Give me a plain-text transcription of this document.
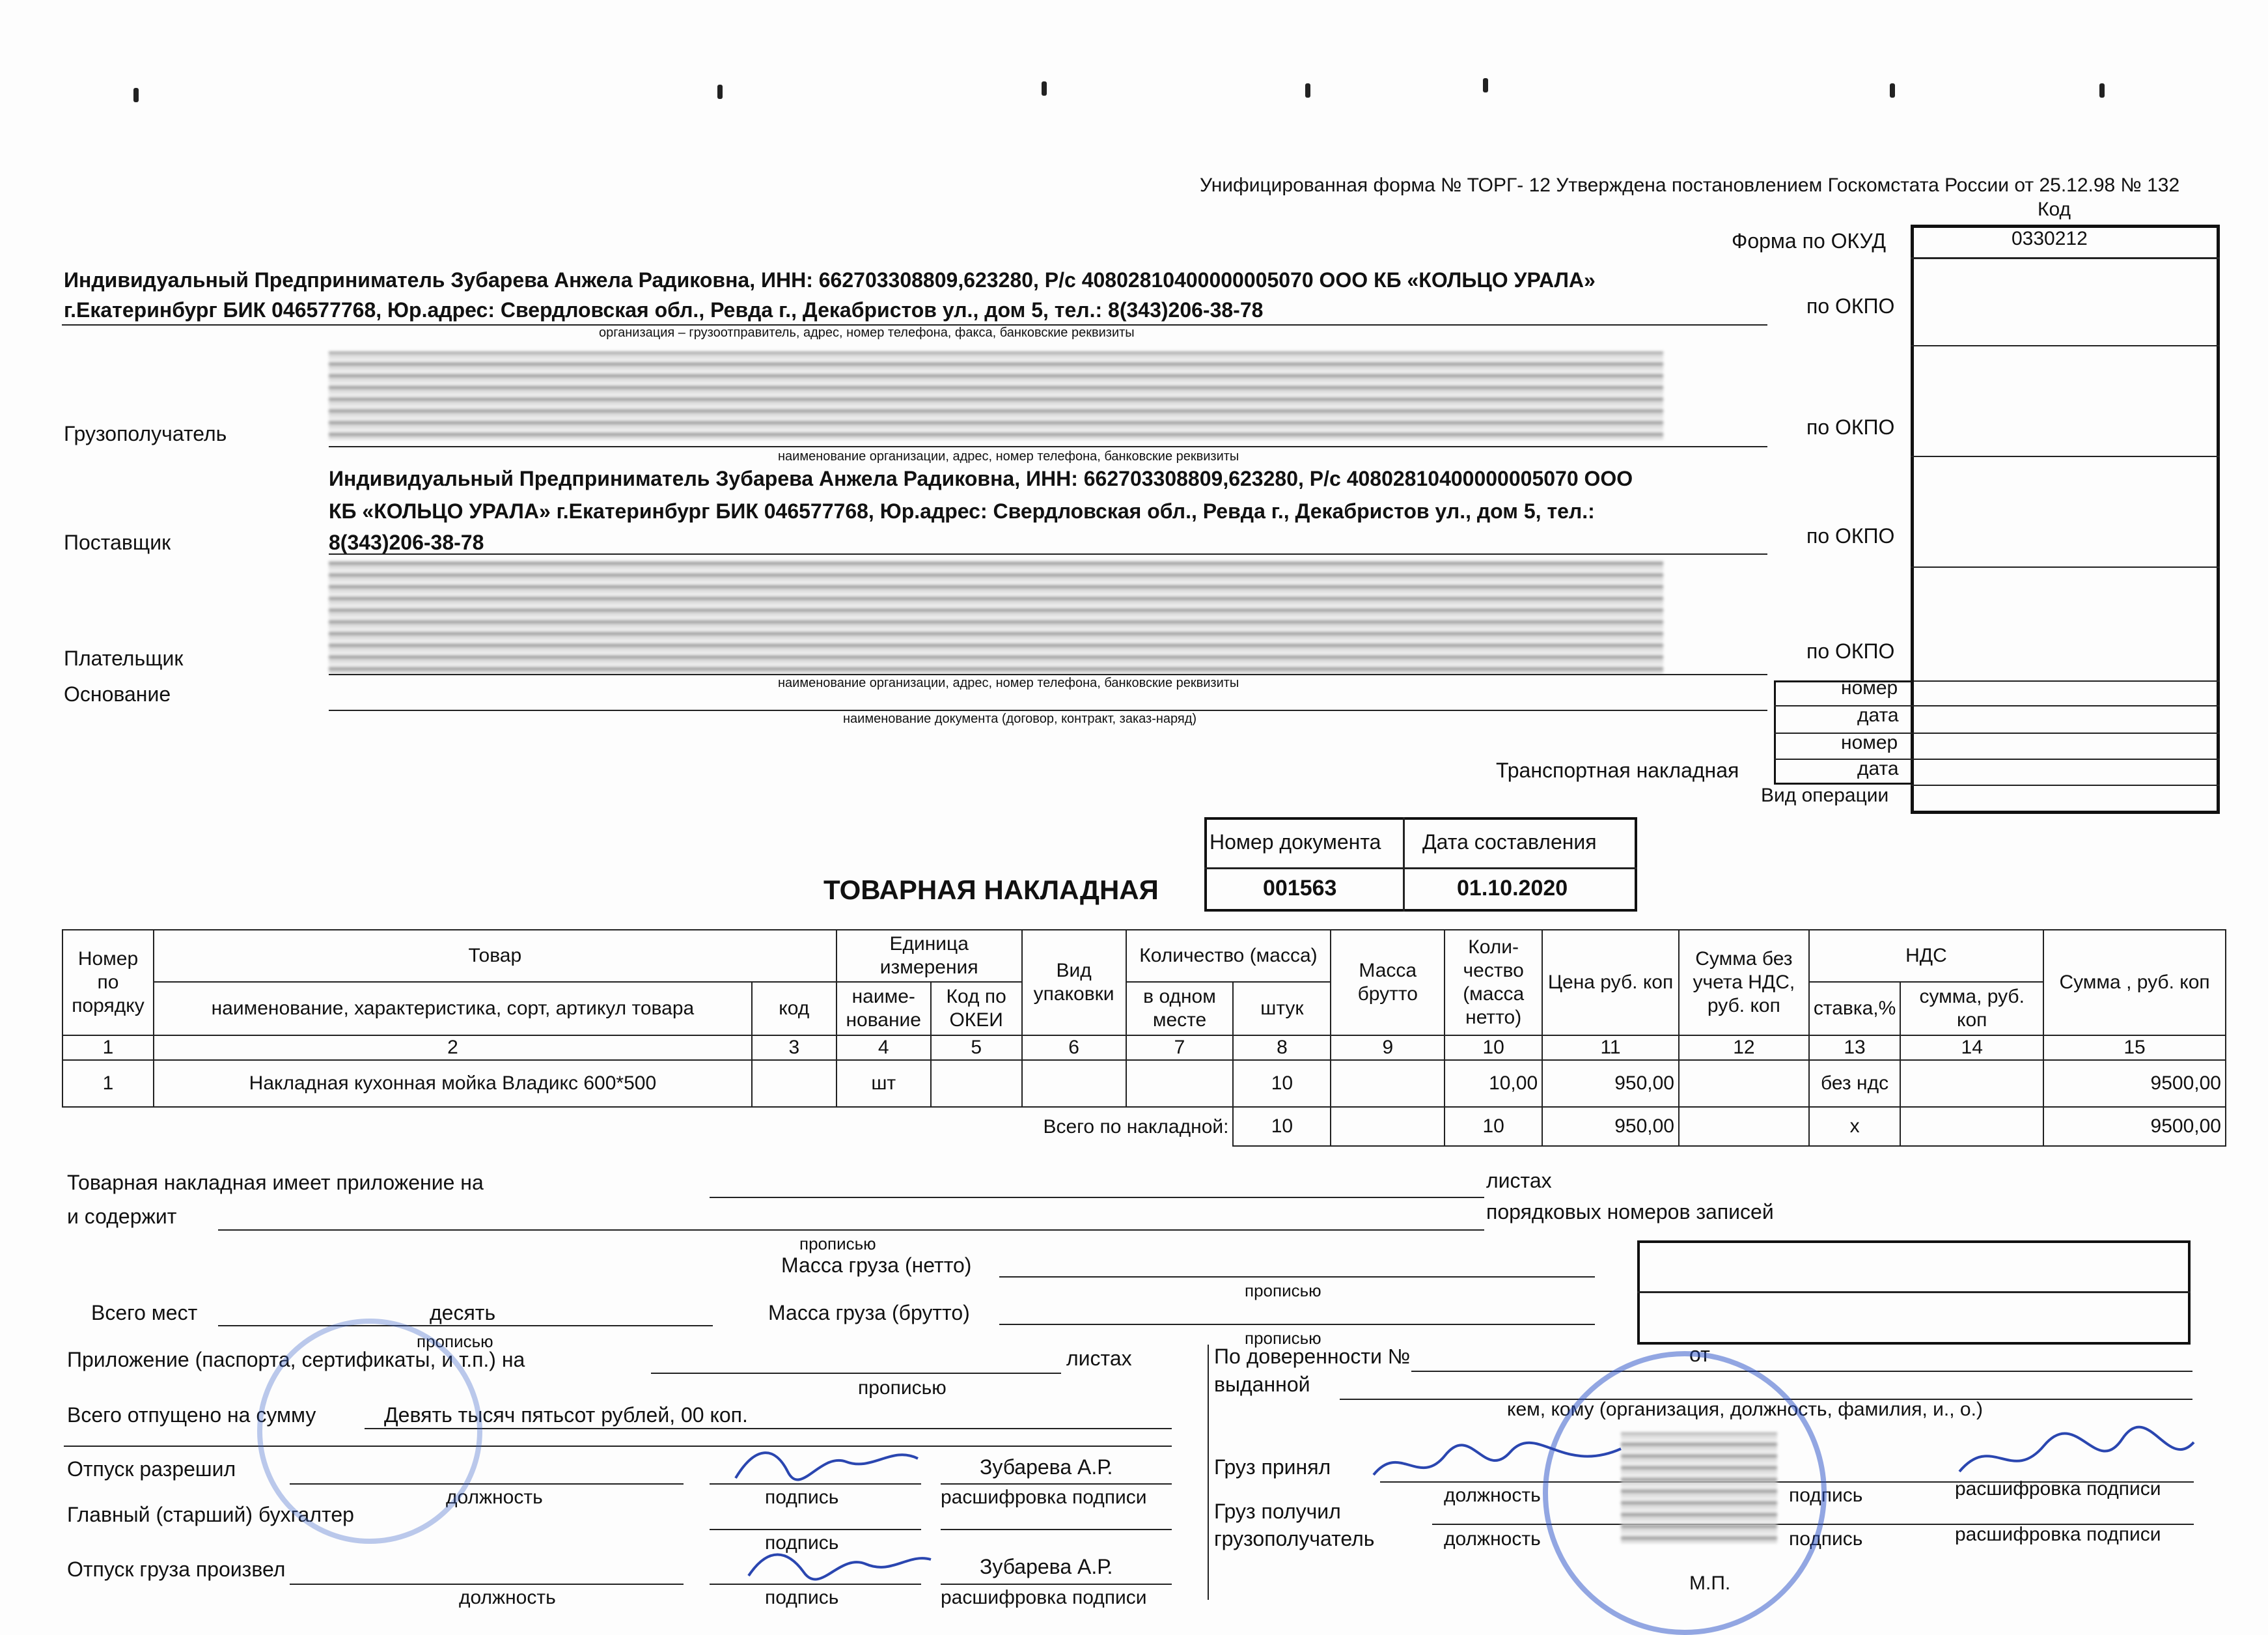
Унифицированная форма № ТОРГ- 12 Утверждена постановлением Госкомстата России от 25.12.98 № 132
Код
0330212
Форма по ОКУД
Индивидуальный Предприниматель Зубарева Анжела Радиковна, ИНН: 662703308809,623280, Р/с 40802810400000005070 ООО КБ «КОЛЬЦО УРАЛА»
г.Екатеринбург БИК 046577768, Юр.адрес: Свердловская обл., Ревда г., Декабристов ул., дом 5, тел.: 8(343)206-38-78
организация – грузоотправитель, адрес, номер телефона, факса, банковские реквизиты
по ОКПО
Грузополучатель
наименование организации, адрес, номер телефона, банковские реквизиты
по ОКПО
Поставщик
Индивидуальный Предприниматель Зубарева Анжела Радиковна, ИНН: 662703308809,623280, Р/с 40802810400000005070 ООО
КБ «КОЛЬЦО УРАЛА» г.Екатеринбург БИК 046577768, Юр.адрес: Свердловская обл., Ревда г., Декабристов ул., дом 5, тел.:
8(343)206-38-78	по ОКПО
Плательщик
наименование организации, адрес, номер телефона, банковские реквизиты
по ОКПО
Основание
наименование документа (договор, контракт, заказ-наряд)
номер
дата
номер
дата
Транспортная накладная
Вид операции
ТОВАРНАЯ НАКЛАДНАЯ
Номер документа Дата составления
001563	01.10.2020
Номер по порядку	Товар		Единица измерения		Вид упаковки	Количество (масса)		Масса брутто	Коли-чество (масса нетто)	Цена руб. коп	Сумма без учета НДС, руб. коп	НДС		Сумма , руб. коп
	наименование, характеристика, сорт, артикул товара	код	наиме-нование	Код по ОКЕИ		в одном месте	штук					ставка,%	сумма, руб. коп	
1	2	3	4	5	6	7	8	9	10	11	12	13	14	15
1	Накладная кухонная мойка Владикс 600*500		шт				10		10,00	950,00		без ндс		9500,00
Всего по накладной:							10		10	950,00		х		9500,00
Товарная накладная имеет приложение на	листах
и содержит	порядковых номеров записей
прописью
Масса груза (нетто)
прописью
Масса груза (брутто)
прописью
Всего мест	десять
прописью
Приложение (паспорта, сертификаты, и т.п.) на	листах
прописью
Всего отпущено на сумму	Девять тысяч пятьсот рублей, 00 коп.
Отпуск разрешил	Зубарева А.Р.
должность	подпись	расшифровка подписи
Главный (старший) бухгалтер
подпись
Отпуск груза произвел	Зубарева А.Р.
должность	подпись	расшифровка подписи
По доверенности №	от
выданной
кем, кому (организация, должность, фамилия, и., о.)
Груз принял
должность	подпись	расшифровка подписи
Груз получил
грузополучатель	должность	подпись	расшифровка подписи
М.П.
